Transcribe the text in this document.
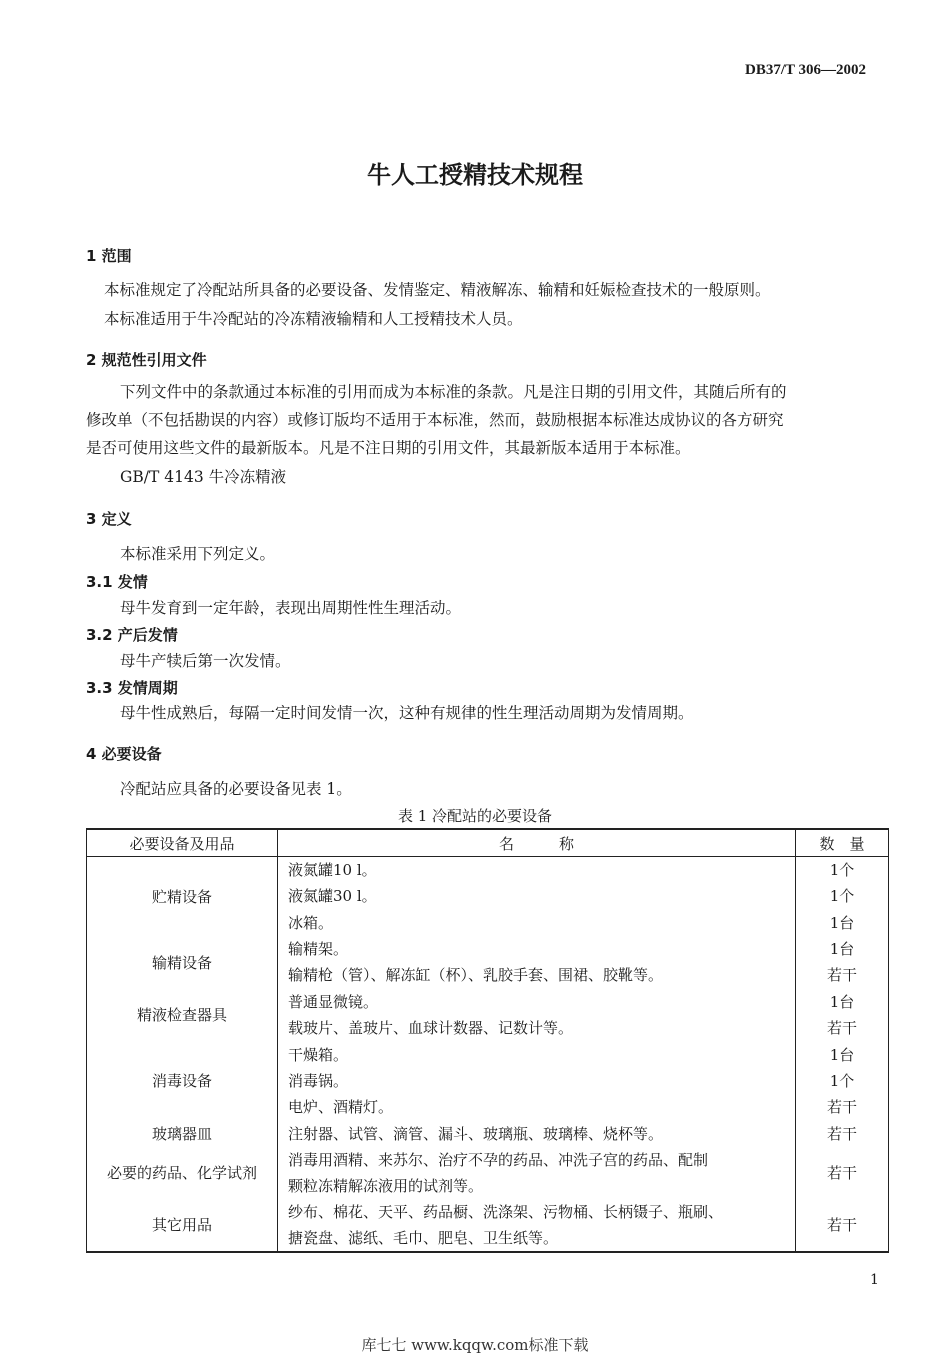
DB37/T 306—2002
牛人工授精技术规程
1 范围
本标准规定了冷配站所具备的必要设备、发情鉴定、精液解冻、输精和妊娠检查技术的一般原则。
本标准适用于牛冷配站的冷冻精液输精和人工授精技术人员。
2 规范性引用文件
下列文件中的条款通过本标准的引用而成为本标准的条款。凡是注日期的引用文件，其随后所有的
修改单（不包括勘误的内容）或修订版均不适用于本标准，然而，鼓励根据本标准达成协议的各方研究
是否可使用这些文件的最新版本。凡是不注日期的引用文件，其最新版本适用于本标准。
GB/T 4143 牛冷冻精液
3 定义
本标准采用下列定义。
3.1 发情
母牛发育到一定年龄，表现出周期性性生理活动。
3.2 产后发情
母牛产犊后第一次发情。
3.3 发情周期
母牛性成熟后，每隔一定时间发情一次，这种有规律的性生理活动周期为发情周期。
4 必要设备
冷配站应具备的必要设备见表 1。
表 1 冷配站的必要设备
必要设备及用品	名　　　称	数　量
贮精设备	液氮罐10 l。	1个
	液氮罐30 l。	1个
	冰箱。	1台
输精设备	输精架。	1台
	输精枪（管）、解冻缸（杯）、乳胶手套、围裙、胶靴等。	若干
精液检查器具	普通显微镜。	1台
	载玻片、盖玻片、血球计数器、记数计等。	若干
消毒设备	干燥箱。	1台
	消毒锅。	1个
	电炉、酒精灯。	若干
玻璃器皿	注射器、试管、滴管、漏斗、玻璃瓶、玻璃棒、烧杯等。	若干
必要的药品、化学试剂	消毒用酒精、来苏尔、治疗不孕的药品、冲洗子宫的药品、配制
颗粒冻精解冻液用的试剂等。	若干
其它用品	纱布、棉花、天平、药品橱、洗涤架、污物桶、长柄镊子、瓶刷、
搪瓷盘、滤纸、毛巾、肥皂、卫生纸等。	若干
1
库七七 www.kqqw.com标准下载
